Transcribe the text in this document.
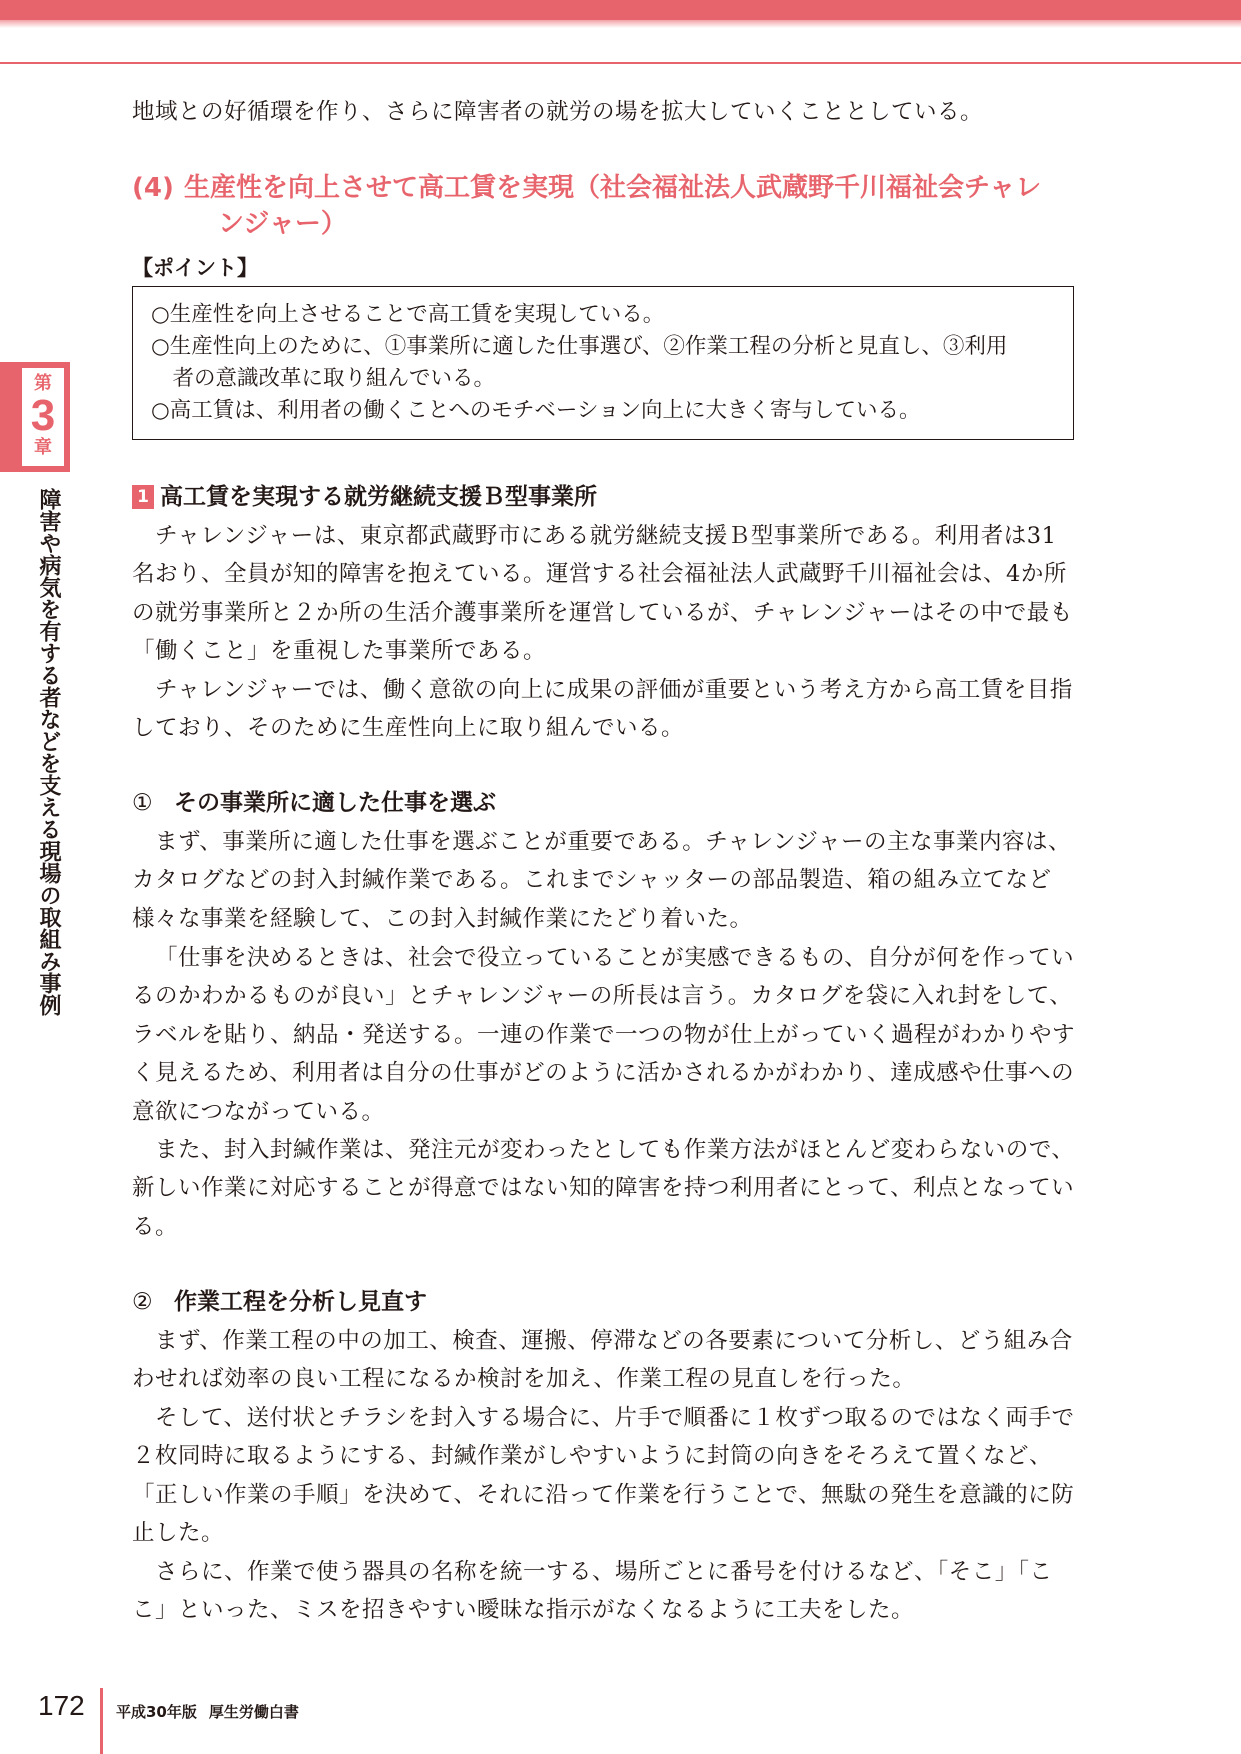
第
3
章
障害や病気を有する者などを支える現場の取組み事例
地域との好循環を作り、さらに障害者の就労の場を拡大していくこととしている。
(4) 生産性を向上させて高工賃を実現（社会福祉法人武蔵野千川福祉会チャレ
ンジャー）
【ポイント】
○生産性を向上させることで高工賃を実現している。
○生産性向上のために、①事業所に適した仕事選び、②作業工程の分析と見直し、③利用
　者の意識改革に取り組んでいる。
○高工賃は、利用者の働くことへのモチベーション向上に大きく寄与している。
1 高工賃を実現する就労継続支援Ｂ型事業所
チャレンジャーは、東京都武蔵野市にある就労継続支援Ｂ型事業所である。利用者は31名おり、全員が知的障害を抱えている。運営する社会福祉法人武蔵野千川福祉会は、4か所の就労事業所と２か所の生活介護事業所を運営しているが、チャレンジャーはその中で最も「働くこと」を重視した事業所である。
チャレンジャーでは、働く意欲の向上に成果の評価が重要という考え方から高工賃を目指しており、そのために生産性向上に取り組んでいる。
① その事業所に適した仕事を選ぶ
まず、事業所に適した仕事を選ぶことが重要である。チャレンジャーの主な事業内容は、カタログなどの封入封緘作業である。これまでシャッターの部品製造、箱の組み立てなど様々な事業を経験して、この封入封緘作業にたどり着いた。
「仕事を決めるときは、社会で役立っていることが実感できるもの、自分が何を作っているのかわかるものが良い」とチャレンジャーの所長は言う。カタログを袋に入れ封をして、ラベルを貼り、納品・発送する。一連の作業で一つの物が仕上がっていく過程がわかりやすく見えるため、利用者は自分の仕事がどのように活かされるかがわかり、達成感や仕事への意欲につながっている。
また、封入封緘作業は、発注元が変わったとしても作業方法がほとんど変わらないので、新しい作業に対応することが得意ではない知的障害を持つ利用者にとって、利点となっている。
② 作業工程を分析し見直す
まず、作業工程の中の加工、検査、運搬、停滞などの各要素について分析し、どう組み合わせれば効率の良い工程になるか検討を加え、作業工程の見直しを行った。
そして、送付状とチラシを封入する場合に、片手で順番に１枚ずつ取るのではなく両手で２枚同時に取るようにする、封緘作業がしやすいように封筒の向きをそろえて置くなど、「正しい作業の手順」を決めて、それに沿って作業を行うことで、無駄の発生を意識的に防止した。
さらに、作業で使う器具の名称を統一する、場所ごとに番号を付けるなど、「そこ」「ここ」といった、ミスを招きやすい曖昧な指示がなくなるように工夫をした。
172 平成30年版 厚生労働白書
